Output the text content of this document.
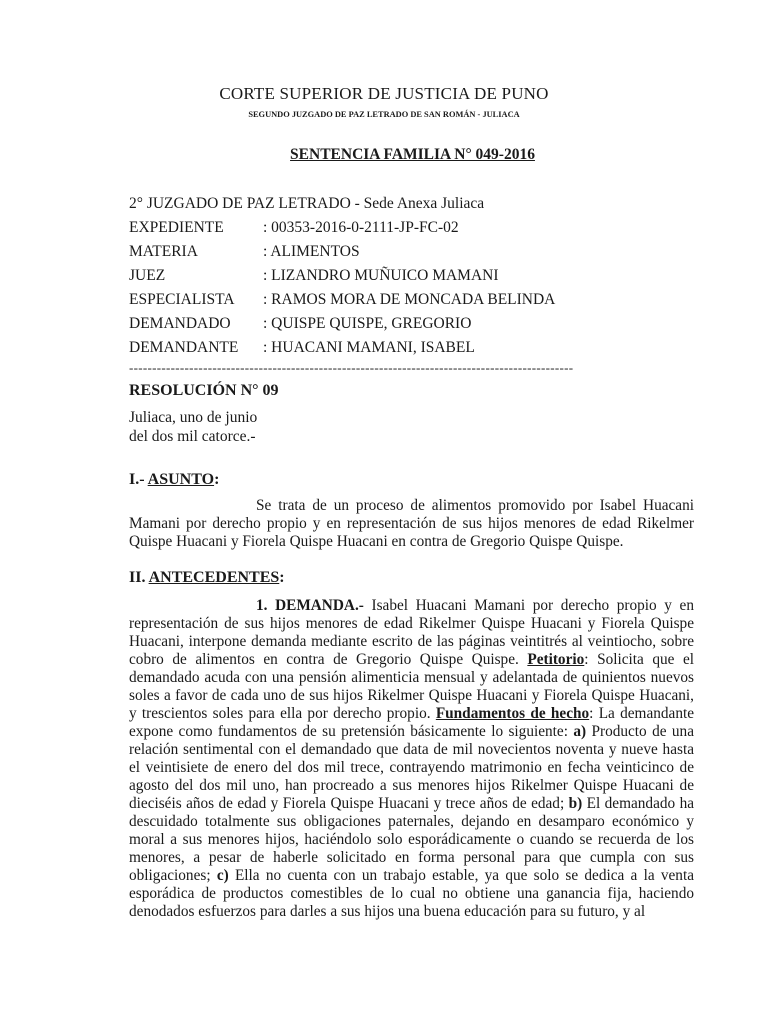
CORTE SUPERIOR DE JUSTICIA DE PUNO
SEGUNDO JUZGADO DE PAZ LETRADO DE SAN ROMÁN - JULIACA
SENTENCIA FAMILIA N° 049-2016
2° JUZGADO DE PAZ LETRADO - Sede Anexa Juliaca
EXPEDIENTE	: 00353-2016-0-2111-JP-FC-02
MATERIA	: ALIMENTOS
JUEZ	: LIZANDRO MUÑUICO MAMANI
ESPECIALISTA : RAMOS MORA DE MONCADA BELINDA
DEMANDADO : QUISPE QUISPE, GREGORIO
DEMANDANTE : HUACANI MAMANI, ISABEL
------------------------------------------------------------------------------------------------
RESOLUCIÓN N° 09
Juliaca, uno de junio
del dos mil catorce.-
I.- ASUNTO:
Se trata de un proceso de alimentos promovido por Isabel Huacani Mamani por derecho propio y en representación de sus hijos menores de edad Rikelmer Quispe Huacani y Fiorela Quispe Huacani en contra de Gregorio Quispe Quispe.
II. ANTECEDENTES:
1. DEMANDA.- Isabel Huacani Mamani por derecho propio y en representación de sus hijos menores de edad Rikelmer Quispe Huacani y Fiorela Quispe Huacani, interpone demanda mediante escrito de las páginas veintitrés al veintiocho, sobre cobro de alimentos en contra de Gregorio Quispe Quispe. Petitorio: Solicita que el demandado acuda con una pensión alimenticia mensual y adelantada de quinientos nuevos soles a favor de cada uno de sus hijos Rikelmer Quispe Huacani y Fiorela Quispe Huacani, y trescientos soles para ella por derecho propio. Fundamentos de hecho: La demandante expone como fundamentos de su pretensión básicamente lo siguiente: a) Producto de una relación sentimental con el demandado que data de mil novecientos noventa y nueve hasta el veintisiete de enero del dos mil trece, contrayendo matrimonio en fecha veinticinco de agosto del dos mil uno, han procreado a sus menores hijos Rikelmer Quispe Huacani de dieciséis años de edad y Fiorela Quispe Huacani y trece años de edad; b) El demandado ha descuidado totalmente sus obligaciones paternales, dejando en desamparo económico y moral a sus menores hijos, haciéndolo solo esporádicamente o cuando se recuerda de los menores, a pesar de haberle solicitado en forma personal para que cumpla con sus obligaciones; c) Ella no cuenta con un trabajo estable, ya que solo se dedica a la venta esporádica de productos comestibles de lo cual no obtiene una ganancia fija, haciendo denodados esfuerzos para darles a sus hijos una buena educación para su futuro, y al
